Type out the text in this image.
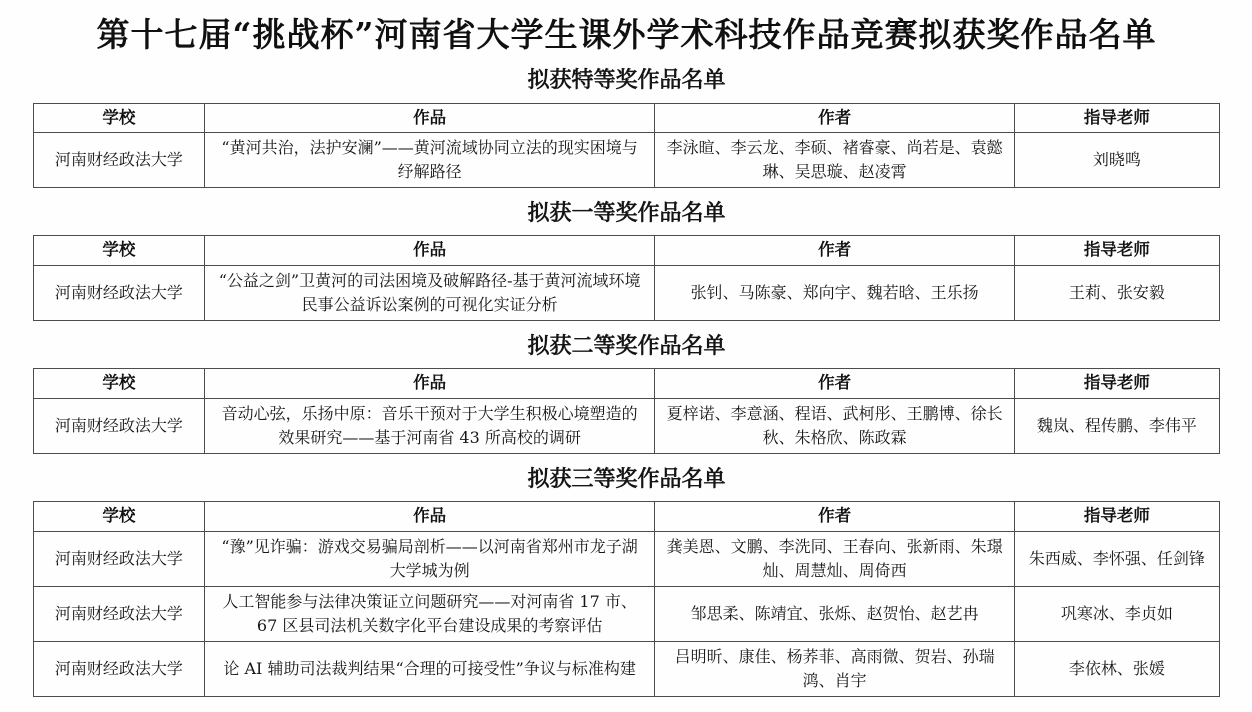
第十七届“挑战杯”河南省大学生课外学术科技作品竞赛拟获奖作品名单
拟获特等奖作品名单
学校	作品	作者	指导老师
河南财经政法大学	“黄河共治，法护安澜”——黄河流域协同立法的现实困境与纾解路径	李泳暄、李云龙、李硕、褚睿豪、尚若是、袁懿琳、吴思璇、赵凌霄	刘晓鸣
拟获一等奖作品名单
学校	作品	作者	指导老师
河南财经政法大学	“公益之剑”卫黄河的司法困境及破解路径-基于黄河流域环境民事公益诉讼案例的可视化实证分析	张钊、马陈豪、郑向宇、魏若晗、王乐扬	王莉、张安毅
拟获二等奖作品名单
学校	作品	作者	指导老师
河南财经政法大学	音动心弦，乐扬中原：音乐干预对于大学生积极心境塑造的效果研究——基于河南省 43 所高校的调研	夏梓诺、李意涵、程语、武柯彤、王鹏博、徐长秋、朱格欣、陈政霖	魏岚、程传鹏、李伟平
拟获三等奖作品名单
学校	作品	作者	指导老师
河南财经政法大学	“豫”见诈骗：游戏交易骗局剖析——以河南省郑州市龙子湖大学城为例	龚美恩、文鹏、李洗同、王春向、张新雨、朱璟灿、周慧灿、周倚西	朱西威、李怀强、任剑锋
河南财经政法大学	人工智能参与法律决策证立问题研究——对河南省 17 市、67 区县司法机关数字化平台建设成果的考察评估	邹思柔、陈靖宜、张烁、赵贺怡、赵艺冉	巩寒冰、李贞如
河南财经政法大学	论 AI 辅助司法裁判结果“合理的可接受性”争议与标准构建	吕明昕、康佳、杨荞菲、高雨微、贺岩、孙瑞鸿、肖宇	李依林、张媛
